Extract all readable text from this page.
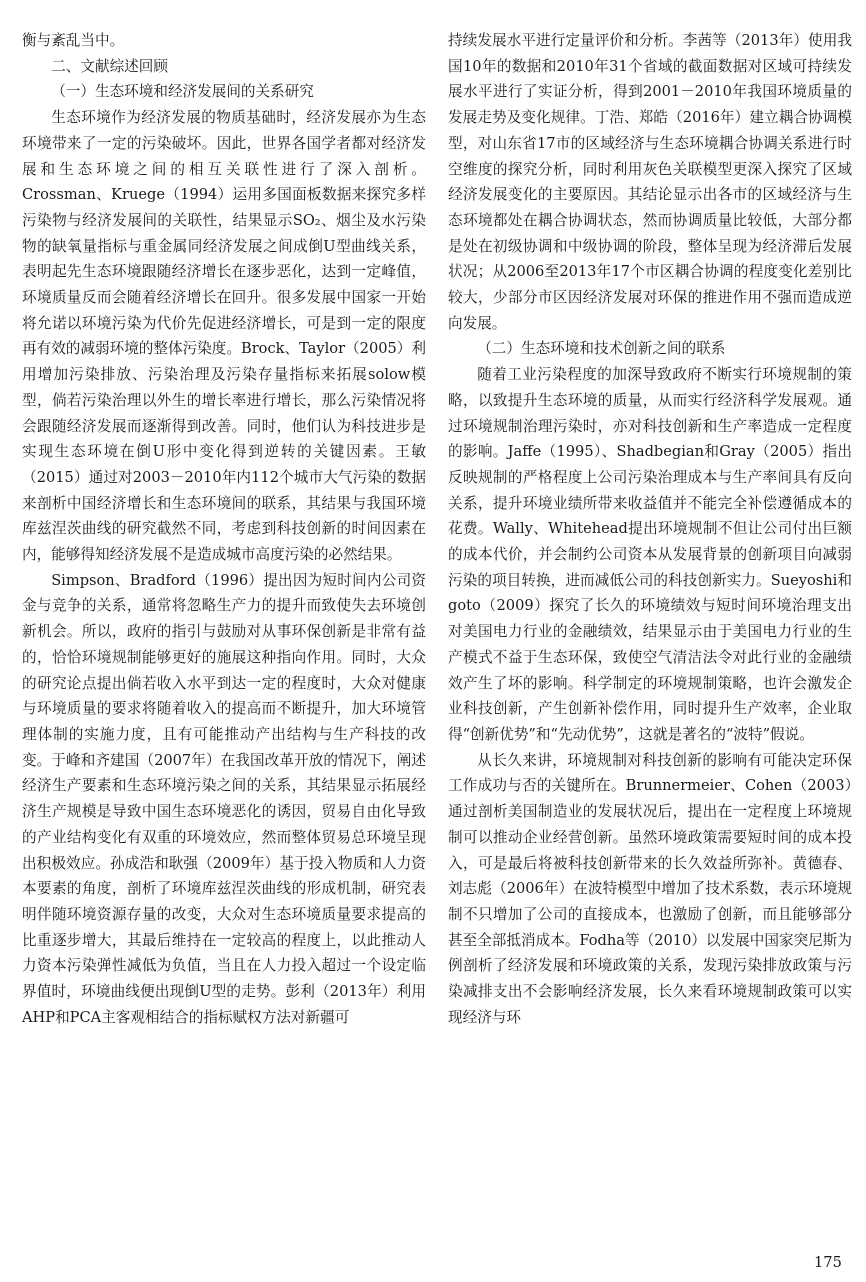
衡与紊乱当中。

二、文献综述回顾
（一）生态环境和经济发展间的关系研究

生态环境作为经济发展的物质基础时，经济发展亦为生态环境带来了一定的污染破坏。因此，世界各国学者都对经济发展和生态环境之间的相互关联性进行了深入剖析。Crossman、Kruege（1994）运用多国面板数据来探究多样污染物与经济发展间的关联性，结果显示SO₂、烟尘及水污染物的缺氧量指标与重金属同经济发展之间成倒U型曲线关系，表明起先生态环境跟随经济增长在逐步恶化，达到一定峰值，环境质量反而会随着经济增长在回升。很多发展中国家一开始将允诺以环境污染为代价先促进经济增长，可是到一定的限度再有效的减弱环境的整体污染度。Brock、Taylor（2005）利用增加污染排放、污染治理及污染存量指标来拓展solow模型，倘若污染治理以外生的增长率进行增长，那么污染情况将会跟随经济发展而逐渐得到改善。同时，他们认为科技进步是实现生态环境在倒U形中变化得到逆转的关键因素。王敏（2015）通过对2003－2010年内112个城市大气污染的数据来剖析中国经济增长和生态环境间的联系，其结果与我国环境库兹涅茨曲线的研究截然不同，考虑到科技创新的时间因素在内，能够得知经济发展不是造成城市高度污染的必然结果。

Simpson、Bradford（1996）提出因为短时间内公司资金与竞争的关系，通常将忽略生产力的提升而致使失去环境创新机会。所以，政府的指引与鼓励对从事环保创新是非常有益的，恰恰环境规制能够更好的施展这种指向作用。同时，大众的研究论点提出倘若收入水平到达一定的程度时，大众对健康与环境质量的要求将随着收入的提高而不断提升，加大环境管理体制的实施力度，且有可能推动产出结构与生产科技的改变。于峰和齐建国（2007年）在我国改革开放的情况下，阐述经济生产要素和生态环境污染之间的关系，其结果显示拓展经济生产规模是导致中国生态环境恶化的诱因，贸易自由化导致的产业结构变化有双重的环境效应，然而整体贸易总环境呈现出积极效应。孙成浩和耿强（2009年）基于投入物质和人力资本要素的角度，剖析了环境库兹涅茨曲线的形成机制，研究表明伴随环境资源存量的改变，大众对生态环境质量要求提高的比重逐步增大，其最后维持在一定较高的程度上，以此推动人力资本污染弹性减低为负值，当且在人力投入超过一个设定临界值时，环境曲线便出现倒U型的走势。彭利（2013年）利用AHP和PCA主客观相结合的指标赋权方法对新疆可

持续发展水平进行定量评价和分析。李茜等（2013年）使用我国10年的数据和2010年31个省域的截面数据对区域可持续发展水平进行了实证分析，得到2001－2010年我国环境质量的发展走势及变化规律。丁浩、郑皓（2016年）建立耦合协调模型，对山东省17市的区域经济与生态环境耦合协调关系进行时空维度的探究分析，同时利用灰色关联模型更深入探究了区域经济发展变化的主要原因。其结论显示出各市的区域经济与生态环境都处在耦合协调状态，然而协调质量比较低，大部分都是处在初级协调和中级协调的阶段，整体呈现为经济滞后发展状况；从2006至2013年17个市区耦合协调的程度变化差别比较大，少部分市区因经济发展对环保的推进作用不强而造成逆向发展。

（二）生态环境和技术创新之间的联系

随着工业污染程度的加深导致政府不断实行环境规制的策略，以致提升生态环境的质量，从而实行经济科学发展观。通过环境规制治理污染时，亦对科技创新和生产率造成一定程度的影响。Jaffe（1995）、Shadbegian和Gray（2005）指出反映规制的严格程度上公司污染治理成本与生产率间具有反向关系，提升环境业绩所带来收益值并不能完全补偿遵循成本的花费。Wally、Whitehead提出环境规制不但让公司付出巨额的成本代价，并会制约公司资本从发展背景的创新项目向减弱污染的项目转换，进而减低公司的科技创新实力。Sueyoshi和goto（2009）探究了长久的环境绩效与短时间环境治理支出对美国电力行业的金融绩效，结果显示由于美国电力行业的生产模式不益于生态环保，致使空气清洁法令对此行业的金融绩效产生了坏的影响。科学制定的环境规制策略，也许会激发企业科技创新，产生创新补偿作用，同时提升生产效率，企业取得“创新优势”和“先动优势”，这就是著名的“波特”假说。

从长久来讲，环境规制对科技创新的影响有可能决定环保工作成功与否的关键所在。Brunnermeier、Cohen（2003）通过剖析美国制造业的发展状况后，提出在一定程度上环境规制可以推动企业经营创新。虽然环境政策需要短时间的成本投入，可是最后将被科技创新带来的长久效益所弥补。黄德春、刘志彪（2006年）在波特模型中增加了技术系数，表示环境规制不只增加了公司的直接成本，也激励了创新，而且能够部分甚至全部抵消成本。Fodha等（2010）以发展中国家突尼斯为例剖析了经济发展和环境政策的关系，发现污染排放政策与污染减排支出不会影响经济发展，长久来看环境规制政策可以实现经济与环

175
